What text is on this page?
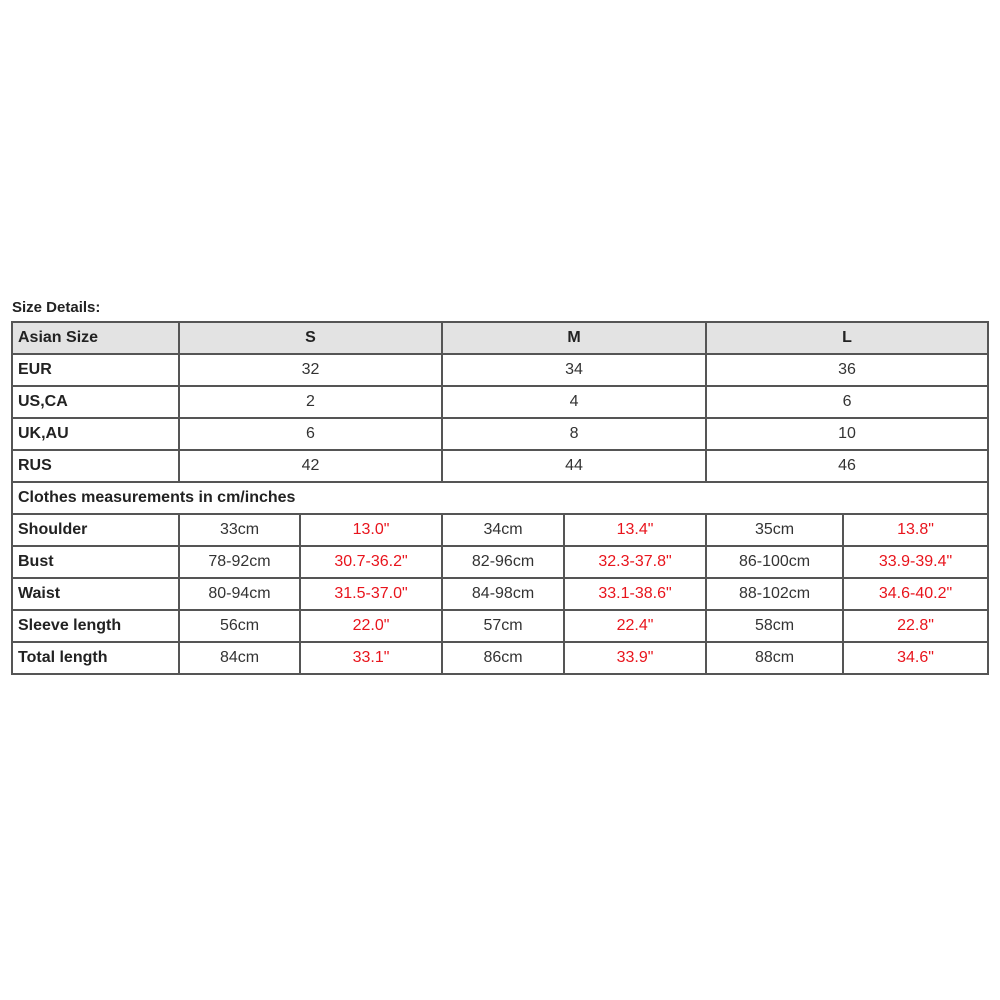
Size Details:
Asian Size	S		M		L	
EUR	32		34		36	
US,CA	2		4		6	
UK,AU	6		8		10	
RUS	42		44		46	
Clothes measurements in cm/inches						
Shoulder	33cm	13.0"	34cm	13.4"	35cm	13.8"
Bust	78-92cm	30.7-36.2"	82-96cm	32.3-37.8"	86-100cm	33.9-39.4"
Waist	80-94cm	31.5-37.0"	84-98cm	33.1-38.6"	88-102cm	34.6-40.2"
Sleeve length	56cm	22.0"	57cm	22.4"	58cm	22.8"
Total length	84cm	33.1"	86cm	33.9"	88cm	34.6"
